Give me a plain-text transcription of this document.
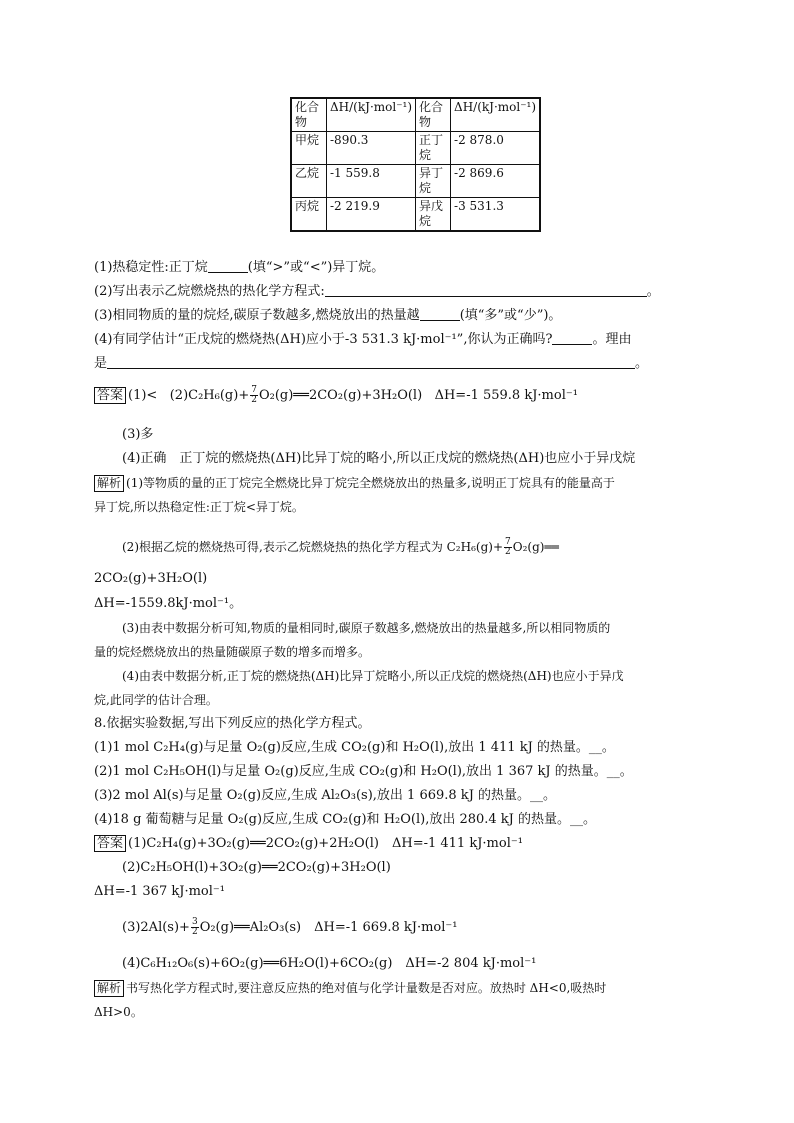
化合物	ΔH/(kJ·mol⁻¹)	化合物	ΔH/(kJ·mol⁻¹)
甲烷	-890.3	正丁烷	-2 878.0
乙烷	-1 559.8	异丁烷	-2 869.6
丙烷	-2 219.9	异戊烷	-3 531.3
(1)热稳定性:正丁烷	(填“>”或“<”)异丁烷。
(2)写出表示乙烷燃烧热的热化学方程式:	。
(3)相同物质的量的烷烃,碳原子数越多,燃烧放出的热量越	(填“多”或“少”)。
(4)有同学估计“正戊烷的燃烧热(ΔH)应小于-3 531.3 kJ·mol⁻¹”,你认为正确吗?	。理由
是	。
答案 $(1)< (2)C_2H_6(g)+ \frac{7}{2}$ O₂(g)══2CO₂(g)+3H₂O(l) ΔH=-1 559.8 kJ·mol⁻¹
(3)多
(4)正确　正丁烷的燃烧热(ΔH)比异丁烷的略小,所以正戊烷的燃烧热(ΔH)也应小于异戊烷
解析 (1)等物质的量的正丁烷完全燃烧比异丁烷完全燃烧放出的热量多,说明正丁烷具有的能量高于
异丁烷,所以热稳定性:正丁烷<异丁烷。
(2)根据乙烷的燃烧热可得,表示乙烷燃烧热的热化学方程式为 $C_2H_6(g)+ \frac{7}{2}$ O₂(g)══
2CO₂(g)+3H₂O(l)
ΔH=-1559.8kJ·mol⁻¹。
(3)由表中数据分析可知,物质的量相同时,碳原子数越多,燃烧放出的热量越多,所以相同物质的
量的烷烃燃烧放出的热量随碳原子数的增多而增多。
(4)由表中数据分析,正丁烷的燃烧热(ΔH)比异丁烷略小,所以正戊烷的燃烧热(ΔH)也应小于异戊
烷,此同学的估计合理。
8.依据实验数据,写出下列反应的热化学方程式。
(1)1 mol C₂H₄(g)与足量 O₂(g)反应,生成 CO₂(g)和 H₂O(l),放出 1 411 kJ 的热量。__。
(2)1 mol C₂H₅OH(l)与足量 O₂(g)反应,生成 CO₂(g)和 H₂O(l),放出 1 367 kJ 的热量。__。
(3)2 mol Al(s)与足量 O₂(g)反应,生成 Al₂O₃(s),放出 1 669.8 kJ 的热量。__。
(4)18 g 葡萄糖与足量 O₂(g)反应,生成 CO₂(g)和 H₂O(l),放出 280.4 kJ 的热量。__。
答案 (1)C₂H₄(g)+3O₂(g)══2CO₂(g)+2H₂O(l)　ΔH=-1 411 kJ·mol⁻¹
(2)C₂H₅OH(l)+3O₂(g)══2CO₂(g)+3H₂O(l)
ΔH=-1 367 kJ·mol⁻¹
$(3)2Al(s)+ \frac{3}{2}$ O₂(g)══Al₂O₃(s)　ΔH=-1 669.8 kJ·mol⁻¹
(4)C₆H₁₂O₆(s)+6O₂(g)══6H₂O(l)+6CO₂(g)　ΔH=-2 804 kJ·mol⁻¹
解析 书写热化学方程式时,要注意反应热的绝对值与化学计量数是否对应。放热时 ΔH<0,吸热时
ΔH>0。
